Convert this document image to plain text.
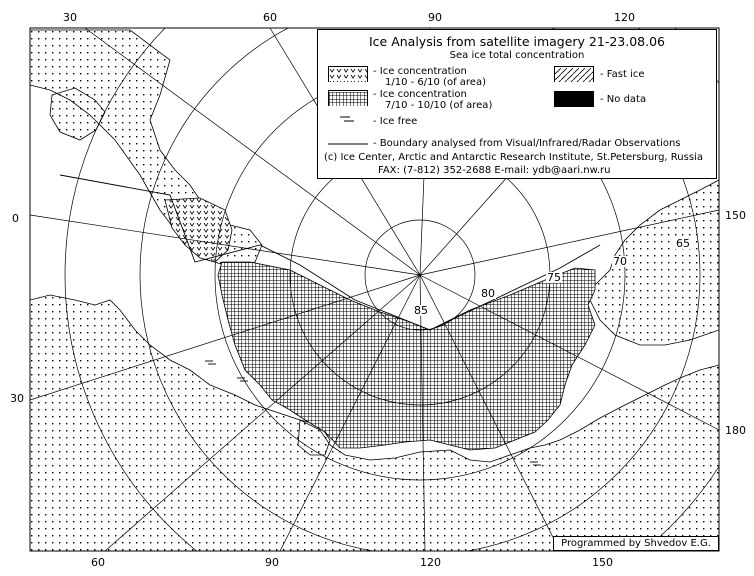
30	60	90	120
0
30
150
180
60	90	120	150
85
80
75
70
65
Ice Analysis from satellite imagery 21-23.08.06
Sea ice total concentration
- Ice concentration
1/10 - 6/10 (of area)
- Ice concentration
7/10 - 10/10 (of area)
- Ice free
- Fast ice
- No data
- Boundary analysed from Visual/Infrared/Radar Observations
(c) Ice Center, Arctic and Antarctic Research Institute, St.Petersburg, Russia
FAX: (7-812) 352-2688 E-mail: ydb@aari.nw.ru
Programmed by Shvedov E.G.
